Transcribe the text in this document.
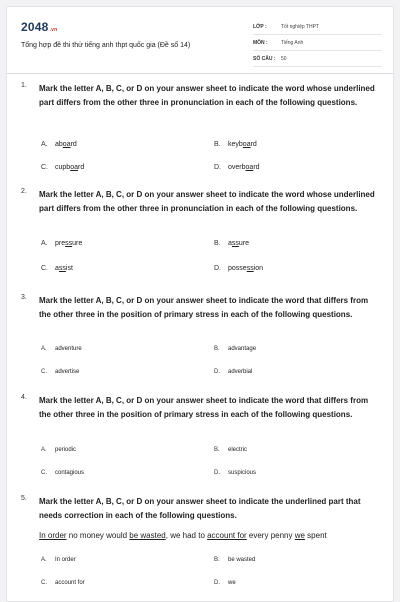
2048.vn
Tổng hợp đề thi thử tiếng anh thpt quốc gia (Đề số 14)
LỚP :	Tốt nghiệp THPT
MÔN :	Tiếng Anh
SỐ CÂU :	50
1. Mark the letter A, B, C, or D on your answer sheet to indicate the word whose underlined part differs from the other three in pronunciation in each of the following questions.
A. aboard	B. keyboard
C. cupboard	D. overboard
2. Mark the letter A, B, C, or D on your answer sheet to indicate the word whose underlined part differs from the other three in pronunciation in each of the following questions.
A. pressure	B. assure
C. assist	D. possession
3. Mark the letter A, B, C, or D on your answer sheet to indicate the word that differs from the other three in the position of primary stress in each of the following questions.
A. adventure	B. advantage
C. advertise	D. adverbial
4. Mark the letter A, B, C, or D on your answer sheet to indicate the word that differs from the other three in the position of primary stress in each of the following questions.
A. periodic	B. electric
C. contagious	D. suspicious
5. Mark the letter A, B, C, or D on your answer sheet to indicate the underlined part that needs correction in each of the following questions.
In order no money would be wasted, we had to account for every penny we spent
A. In order	B. be wasted
C. account for	D. we
